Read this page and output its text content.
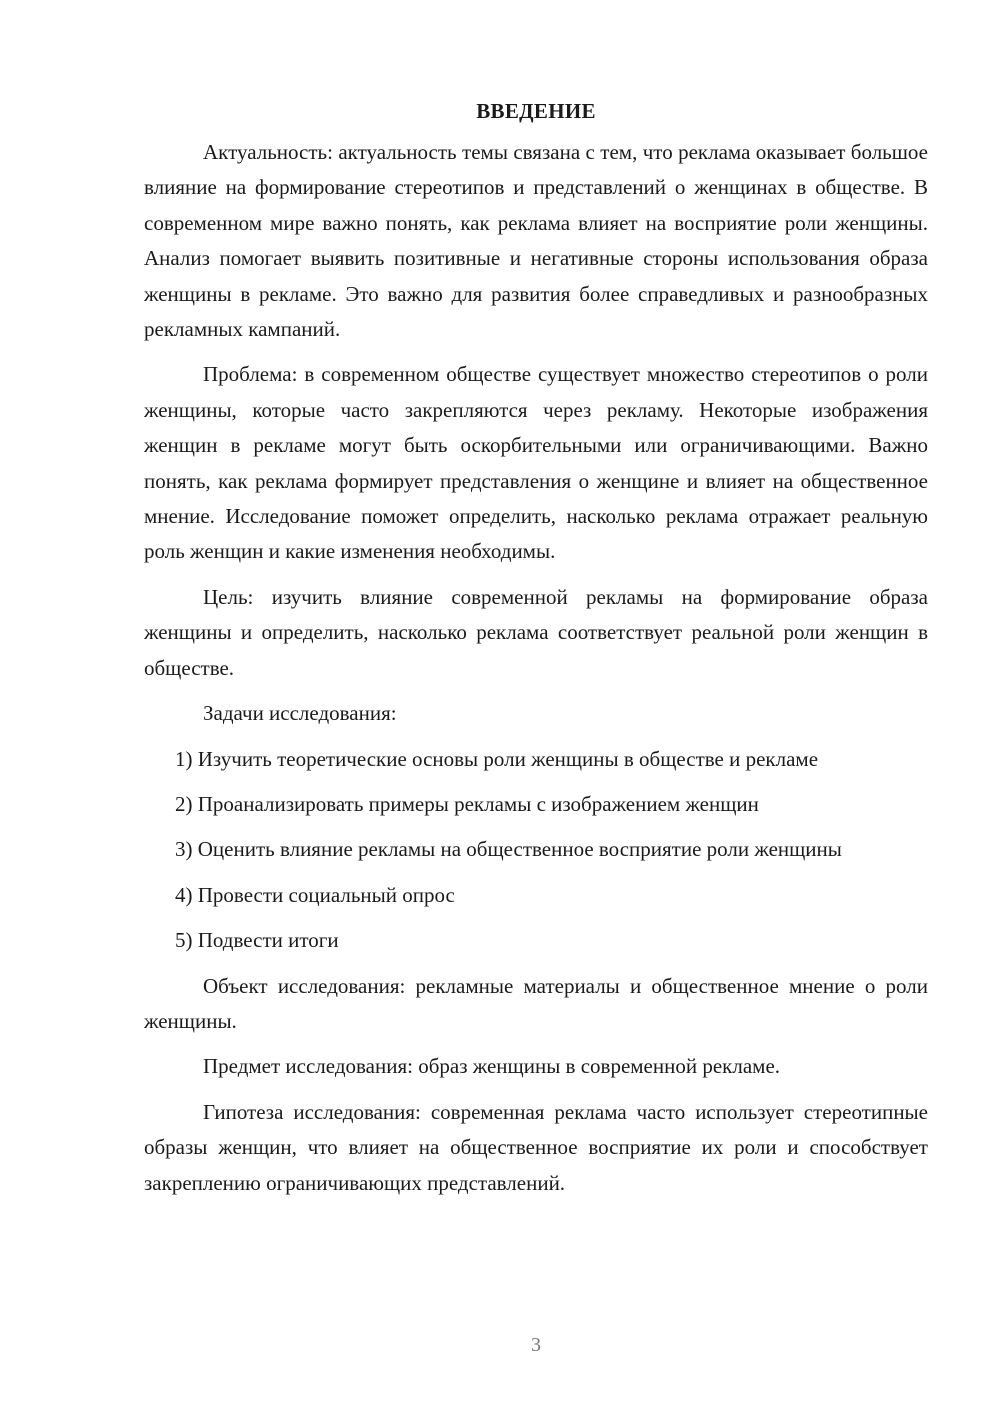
ВВЕДЕНИЕ

Актуальность: актуальность темы связана с тем, что реклама оказывает большое влияние на формирование стереотипов и представлений о женщинах в обществе. В современном мире важно понять, как реклама влияет на восприятие роли женщины. Анализ помогает выявить позитивные и негативные стороны использования образа женщины в рекламе. Это важно для развития более справедливых и разнообразных рекламных кампаний.

Проблема: в современном обществе существует множество стереотипов о роли женщины, которые часто закрепляются через рекламу. Некоторые изображения женщин в рекламе могут быть оскорбительными или ограничивающими. Важно понять, как реклама формирует представления о женщине и влияет на общественное мнение. Исследование поможет определить, насколько реклама отражает реальную роль женщин и какие изменения необходимы.

Цель: изучить влияние современной рекламы на формирование образа женщины и определить, насколько реклама соответствует реальной роли женщин в обществе.

Задачи исследования:

1) Изучить теоретические основы роли женщины в обществе и рекламе

2) Проанализировать примеры рекламы с изображением женщин

3) Оценить влияние рекламы на общественное восприятие роли женщины

4) Провести социальный опрос

5) Подвести итоги

Объект исследования: рекламные материалы и общественное мнение о роли женщины.

Предмет исследования: образ женщины в современной рекламе.

Гипотеза исследования: современная реклама часто использует стереотипные образы женщин, что влияет на общественное восприятие их роли и способствует закреплению ограничивающих представлений.

3
